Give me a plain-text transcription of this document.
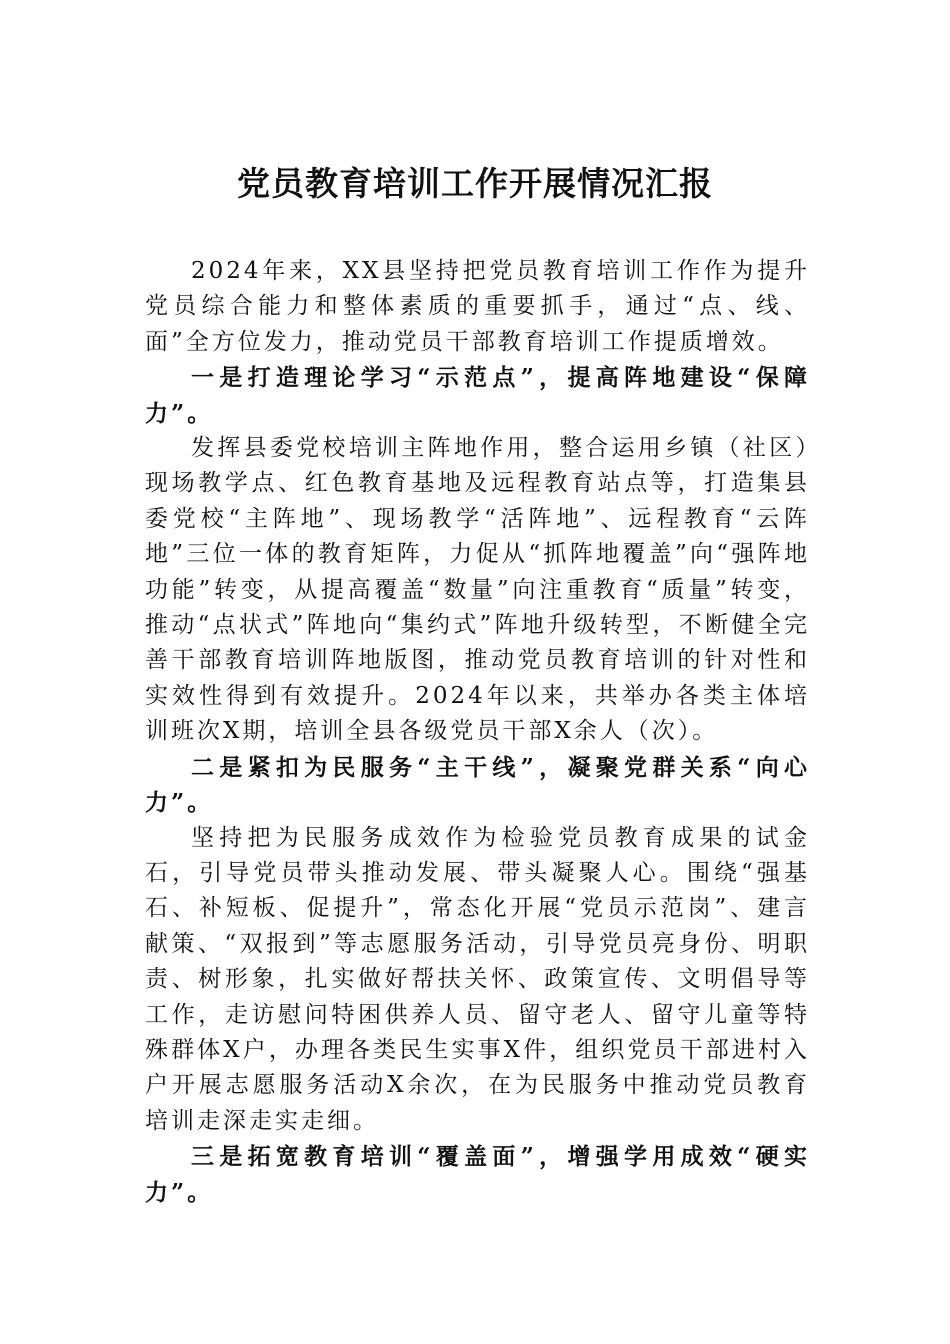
党员教育培训工作开展情况汇报

2024年来，XX县坚持把党员教育培训工作作为提升党员综合能力和整体素质的重要抓手，通过“点、线、面”全方位发力，推动党员干部教育培训工作提质增效。

一是打造理论学习“示范点”，提高阵地建设“保障力”。

发挥县委党校培训主阵地作用，整合运用乡镇（社区）现场教学点、红色教育基地及远程教育站点等，打造集县委党校“主阵地”、现场教学“活阵地”、远程教育“云阵地”三位一体的教育矩阵，力促从“抓阵地覆盖”向“强阵地功能”转变，从提高覆盖“数量”向注重教育“质量”转变，推动“点状式”阵地向“集约式”阵地升级转型，不断健全完善干部教育培训阵地版图，推动党员教育培训的针对性和实效性得到有效提升。2024年以来，共举办各类主体培训班次X期，培训全县各级党员干部X余人（次）。

二是紧扣为民服务“主干线”，凝聚党群关系“向心力”。

坚持把为民服务成效作为检验党员教育成果的试金石，引导党员带头推动发展、带头凝聚人心。围绕“强基石、补短板、促提升”，常态化开展“党员示范岗”、建言献策、“双报到”等志愿服务活动，引导党员亮身份、明职责、树形象，扎实做好帮扶关怀、政策宣传、文明倡导等工作，走访慰问特困供养人员、留守老人、留守儿童等特殊群体X户，办理各类民生实事X件，组织党员干部进村入户开展志愿服务活动X余次，在为民服务中推动党员教育培训走深走实走细。

三是拓宽教育培训“覆盖面”，增强学用成效“硬实力”。
